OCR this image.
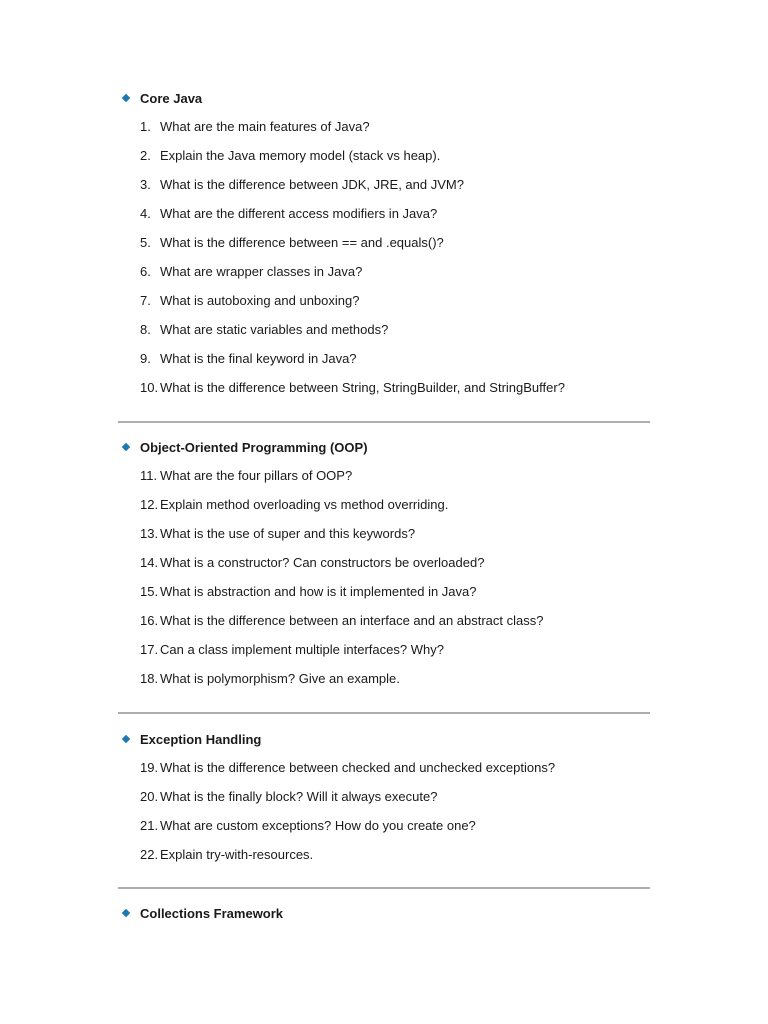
Core Java
1. What are the main features of Java?
2. Explain the Java memory model (stack vs heap).
3. What is the difference between JDK, JRE, and JVM?
4. What are the different access modifiers in Java?
5. What is the difference between == and .equals()?
6. What are wrapper classes in Java?
7. What is autoboxing and unboxing?
8. What are static variables and methods?
9. What is the final keyword in Java?
10. What is the difference between String, StringBuilder, and StringBuffer?
Object-Oriented Programming (OOP)
11. What are the four pillars of OOP?
12. Explain method overloading vs method overriding.
13. What is the use of super and this keywords?
14. What is a constructor? Can constructors be overloaded?
15. What is abstraction and how is it implemented in Java?
16. What is the difference between an interface and an abstract class?
17. Can a class implement multiple interfaces? Why?
18. What is polymorphism? Give an example.
Exception Handling
19. What is the difference between checked and unchecked exceptions?
20. What is the finally block? Will it always execute?
21. What are custom exceptions? How do you create one?
22. Explain try-with-resources.
Collections Framework
